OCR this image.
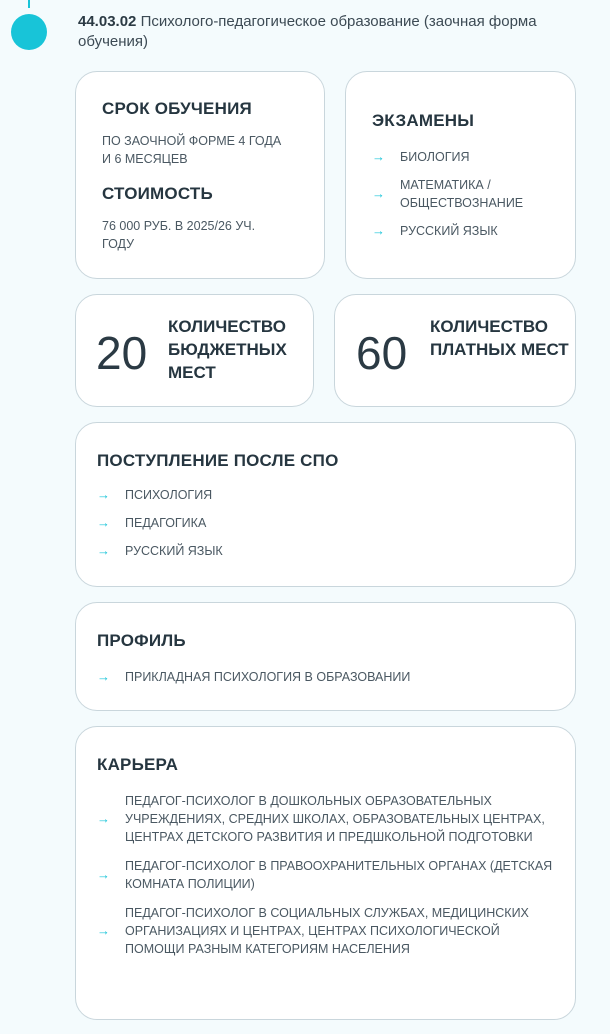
44.03.02 Психолого-педагогическое образование (заочная форма обучения)
СРОК ОБУЧЕНИЯ
ПО ЗАОЧНОЙ ФОРМЕ 4 ГОДА И 6 МЕСЯЦЕВ
СТОИМОСТЬ
76 000 РУБ. В 2025/26 УЧ. ГОДУ
ЭКЗАМЕНЫ
→ БИОЛОГИЯ
→
МАТЕМАТИКА / ОБЩЕСТВОЗНАНИЕ
→ РУССКИЙ ЯЗЫК
20
КОЛИЧЕСТВО БЮДЖЕТНЫХ МЕСТ	60
КОЛИЧЕСТВО ПЛАТНЫХ МЕСТ
ПОСТУПЛЕНИЕ ПОСЛЕ СПО
→ ПСИХОЛОГИЯ
→ ПЕДАГОГИКА
→ РУССКИЙ ЯЗЫК
ПРОФИЛЬ
→ ПРИКЛАДНАЯ ПСИХОЛОГИЯ В ОБРАЗОВАНИИ
КАРЬЕРА
→
ПЕДАГОГ-ПСИХОЛОГ В ДОШКОЛЬНЫХ ОБРАЗОВАТЕЛЬНЫХ УЧРЕЖДЕНИЯХ, СРЕДНИХ ШКОЛАХ, ОБРАЗОВАТЕЛЬНЫХ ЦЕНТРАХ, ЦЕНТРАХ ДЕТСКОГО РАЗВИТИЯ И ПРЕДШКОЛЬНОЙ ПОДГОТОВКИ
→
ПЕДАГОГ-ПСИХОЛОГ В ПРАВООХРАНИТЕЛЬНЫХ ОРГАНАХ (ДЕТСКАЯ КОМНАТА ПОЛИЦИИ)
→
ПЕДАГОГ-ПСИХОЛОГ В СОЦИАЛЬНЫХ СЛУЖБАХ, МЕДИЦИНСКИХ ОРГАНИЗАЦИЯХ И ЦЕНТРАХ, ЦЕНТРАХ ПСИХОЛОГИЧЕСКОЙ ПОМОЩИ РАЗНЫМ КАТЕГОРИЯМ НАСЕЛЕНИЯ
